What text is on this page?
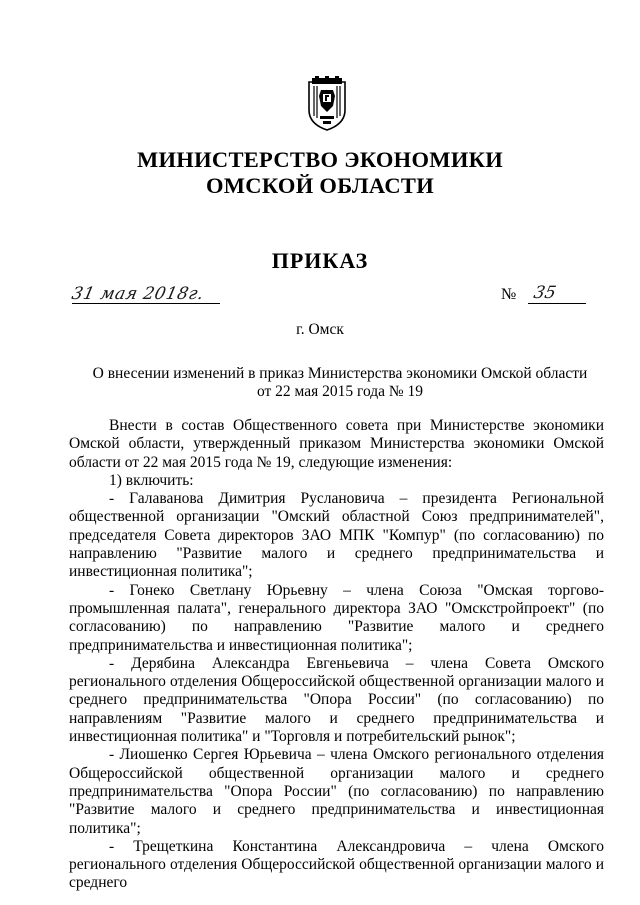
МИНИСТЕРСТВО ЭКОНОМИКИ
ОМСКОЙ ОБЛАСТИ
ПРИКАЗ
31 мая 2018г.	№ 35
г. Омск
О внесении изменений в приказ Министерства экономики Омской области
от 22 мая 2015 года № 19

Внести в состав Общественного совета при Министерстве экономики Омской области, утвержденный приказом Министерства экономики Омской области от 22 мая 2015 года № 19, следующие изменения:

1) включить:

- Галаванова Димитрия Руслановича – президента Региональной общественной организации "Омский областной Союз предпринимателей", председателя Совета директоров ЗАО МПК "Компур" (по согласованию) по направлению "Развитие малого и среднего предпринимательства и инвестиционная политика";

- Гонеко Светлану Юрьевну – члена Союза "Омская торгово-промышленная палата", генерального директора ЗАО "Омскстройпроект" (по согласованию) по направлению "Развитие малого и среднего предпринимательства и инвестиционная политика";

- Дерябина Александра Евгеньевича – члена Совета Омского регионального отделения Общероссийской общественной организации малого и среднего предпринимательства "Опора России" (по согласованию) по направлениям "Развитие малого и среднего предпринимательства и инвестиционная политика" и "Торговля и потребительский рынок";

- Лиошенко Сергея Юрьевича – члена Омского регионального отделения Общероссийской общественной организации малого и среднего предпринимательства "Опора России" (по согласованию) по направлению "Развитие малого и среднего предпринимательства и инвестиционная политика";

- Трещеткина Константина Александровича – члена Омского регионального отделения Общероссийской общественной организации малого и среднего
